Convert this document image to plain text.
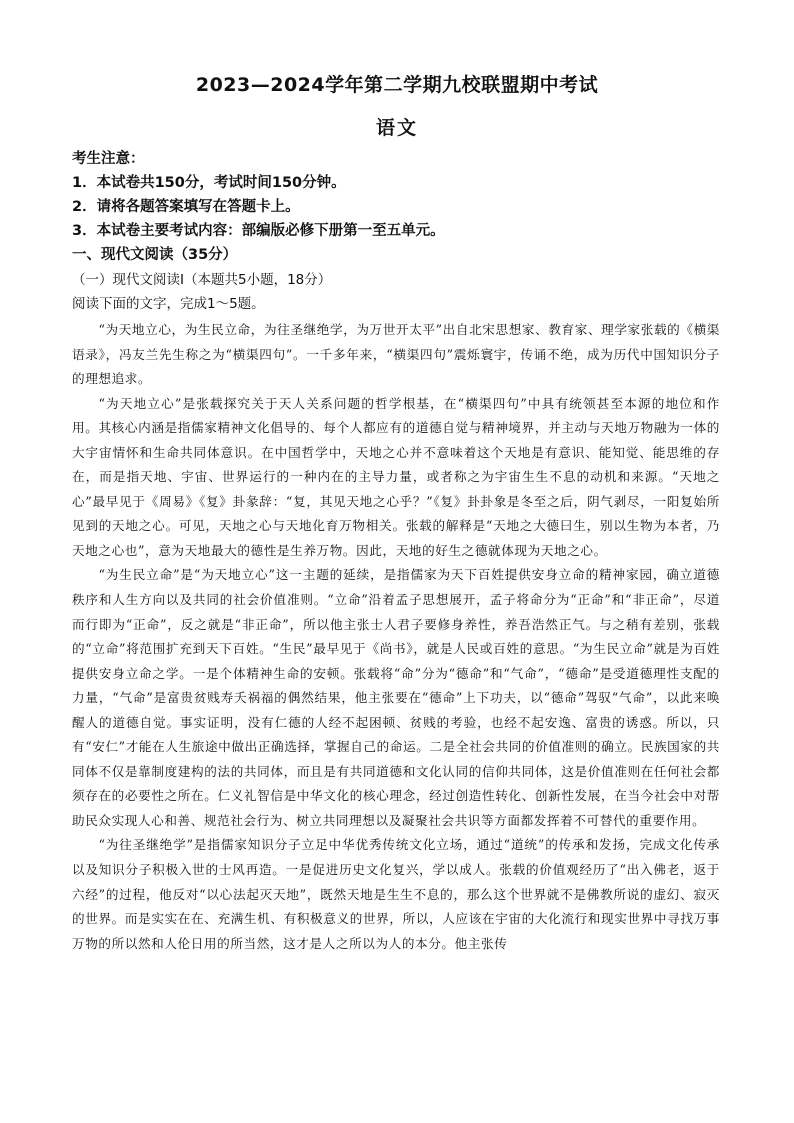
2023—2024学年第二学期九校联盟期中考试
语文
考生注意：
1．本试卷共150分，考试时间150分钟。
2．请将各题答案填写在答题卡上。
3．本试卷主要考试内容：部编版必修下册第一至五单元。
一、现代文阅读（35分）
（一）现代文阅读Ⅰ（本题共5小题，18分）
阅读下面的文字，完成1～5题。

“为天地立心，为生民立命，为往圣继绝学，为万世开太平”出自北宋思想家、教育家、理学家张载的《横渠语录》，冯友兰先生称之为“横渠四句”。一千多年来，“横渠四句”震烁寰宇，传诵不绝，成为历代中国知识分子的理想追求。

“为天地立心”是张载探究关于天人关系问题的哲学根基，在“横渠四句”中具有统领甚至本源的地位和作用。其核心内涵是指儒家精神文化倡导的、每个人都应有的道德自觉与精神境界，并主动与天地万物融为一体的大宇宙情怀和生命共同体意识。在中国哲学中，天地之心并不意味着这个天地是有意识、能知觉、能思维的存在，而是指天地、宇宙、世界运行的一种内在的主导力量，或者称之为宇宙生生不息的动机和来源。“天地之心”最早见于《周易》《复》卦彖辞：“复，其见天地之心乎？”《复》卦卦象是冬至之后，阴气剥尽，一阳复始所见到的天地之心。可见，天地之心与天地化育万物相关。张载的解释是“天地之大德曰生，别以生物为本者，乃天地之心也”，意为天地最大的德性是生养万物。因此，天地的好生之德就体现为天地之心。

“为生民立命”是“为天地立心”这一主题的延续，是指儒家为天下百姓提供安身立命的精神家园，确立道德秩序和人生方向以及共同的社会价值准则。“立命”沿着孟子思想展开，孟子将命分为“正命”和“非正命”，尽道而行即为“正命”，反之就是“非正命”，所以他主张士人君子要修身养性，养吾浩然正气。与之稍有差别，张载的“立命”将范围扩充到天下百姓。“生民”最早见于《尚书》，就是人民或百姓的意思。“为生民立命”就是为百姓提供安身立命之学。一是个体精神生命的安顿。张载将“命”分为“德命”和“气命”，“德命”是受道德理性支配的力量，“气命”是富贵贫贱寿夭祸福的偶然结果，他主张要在“德命”上下功夫，以“德命”驾驭“气命”，以此来唤醒人的道德自觉。事实证明，没有仁德的人经不起困顿、贫贱的考验，也经不起安逸、富贵的诱惑。所以，只有“安仁”才能在人生旅途中做出正确选择，掌握自己的命运。二是全社会共同的价值准则的确立。民族国家的共同体不仅是靠制度建构的法的共同体，而且是有共同道德和文化认同的信仰共同体，这是价值准则在任何社会都须存在的必要性之所在。仁义礼智信是中华文化的核心理念，经过创造性转化、创新性发展，在当今社会中对帮助民众实现人心和善、规范社会行为、树立共同理想以及凝聚社会共识等方面都发挥着不可替代的重要作用。

“为往圣继绝学”是指儒家知识分子立足中华优秀传统文化立场，通过“道统”的传承和发扬，完成文化传承以及知识分子积极入世的士风再造。一是促进历史文化复兴，学以成人。张载的价值观经历了“出入佛老，返于六经”的过程，他反对“以心法起灭天地”，既然天地是生生不息的，那么这个世界就不是佛教所说的虚幻、寂灭的世界。而是实实在在、充满生机、有积极意义的世界，所以，人应该在宇宙的大化流行和现实世界中寻找万事万物的所以然和人伦日用的所当然，这才是人之所以为人的本分。他主张传
